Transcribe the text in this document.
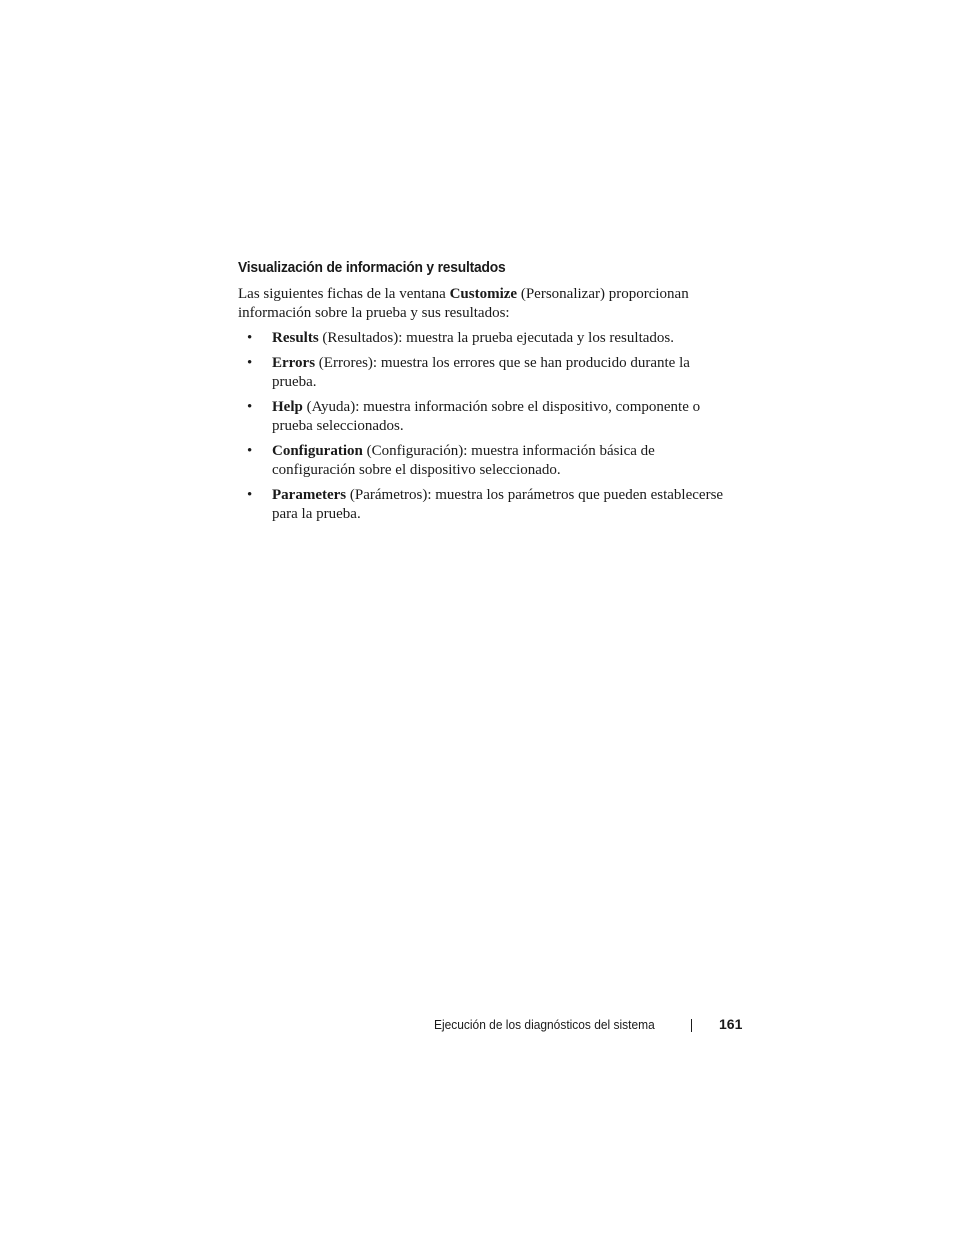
Visualización de información y resultados

Las siguientes fichas de la ventana Customize (Personalizar) proporcionan información sobre la prueba y sus resultados:

• Results (Resultados): muestra la prueba ejecutada y los resultados.
• Errors (Errores): muestra los errores que se han producido durante la prueba.
• Help (Ayuda): muestra información sobre el dispositivo, componente o prueba seleccionados.
• Configuration (Configuración): muestra información básica de configuración sobre el dispositivo seleccionado.
• Parameters (Parámetros): muestra los parámetros que pueden establecerse para la prueba.
Ejecución de los diagnósticos del sistema	161
